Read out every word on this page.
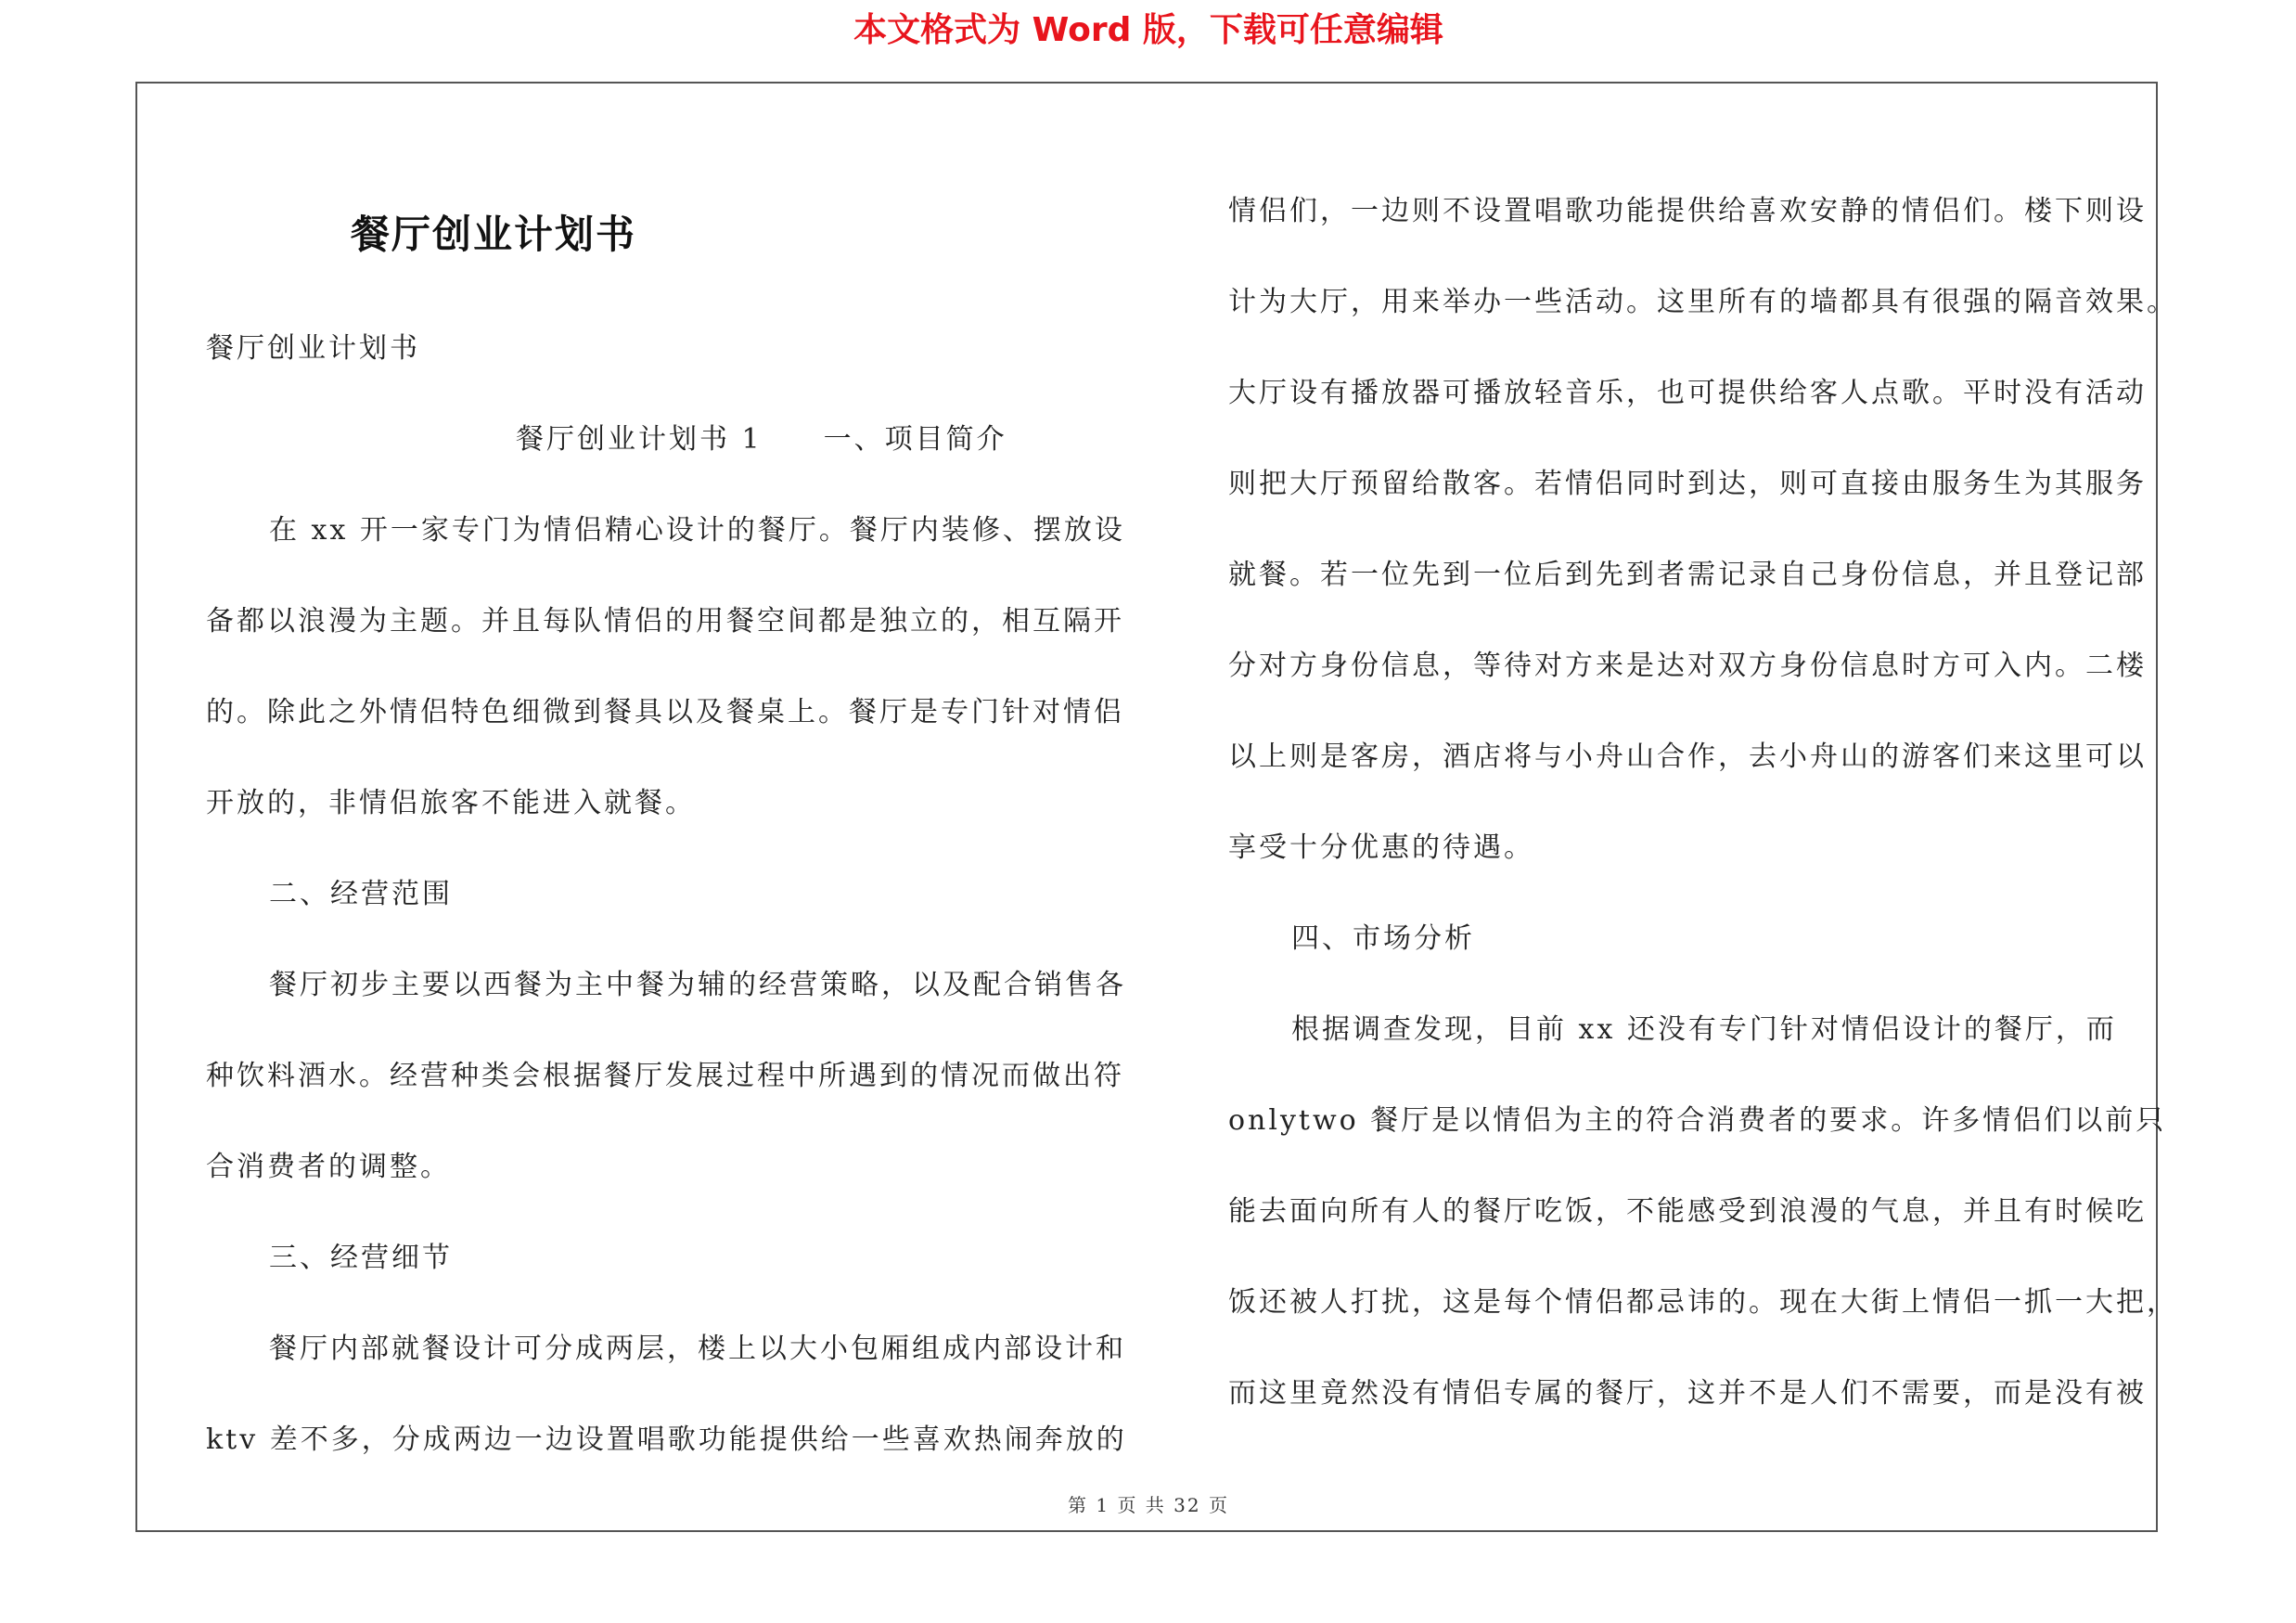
本文格式为 Word 版，下载可任意编辑
餐厅创业计划书
餐厅创业计划书
餐厅创业计划书 1　　一、项目简介
在 xx 开一家专门为情侣精心设计的餐厅。餐厅内装修、摆放设
备都以浪漫为主题。并且每队情侣的用餐空间都是独立的，相互隔开
的。除此之外情侣特色细微到餐具以及餐桌上。餐厅是专门针对情侣
开放的，非情侣旅客不能进入就餐。
二、经营范围
餐厅初步主要以西餐为主中餐为辅的经营策略，以及配合销售各
种饮料酒水。经营种类会根据餐厅发展过程中所遇到的情况而做出符
合消费者的调整。
三、经营细节
餐厅内部就餐设计可分成两层，楼上以大小包厢组成内部设计和
ktv 差不多，分成两边一边设置唱歌功能提供给一些喜欢热闹奔放的
情侣们，一边则不设置唱歌功能提供给喜欢安静的情侣们。楼下则设
计为大厅，用来举办一些活动。这里所有的墙都具有很强的隔音效果。
大厅设有播放器可播放轻音乐，也可提供给客人点歌。平时没有活动
则把大厅预留给散客。若情侣同时到达，则可直接由服务生为其服务
就餐。若一位先到一位后到先到者需记录自己身份信息，并且登记部
分对方身份信息，等待对方来是达对双方身份信息时方可入内。二楼
以上则是客房，酒店将与小舟山合作，去小舟山的游客们来这里可以
享受十分优惠的待遇。
四、市场分析
根据调查发现，目前 xx 还没有专门针对情侣设计的餐厅，而
onlytwo 餐厅是以情侣为主的符合消费者的要求。许多情侣们以前只
能去面向所有人的餐厅吃饭，不能感受到浪漫的气息，并且有时候吃
饭还被人打扰，这是每个情侣都忌讳的。现在大街上情侣一抓一大把，
而这里竟然没有情侣专属的餐厅，这并不是人们不需要，而是没有被
第 1 页 共 32 页
